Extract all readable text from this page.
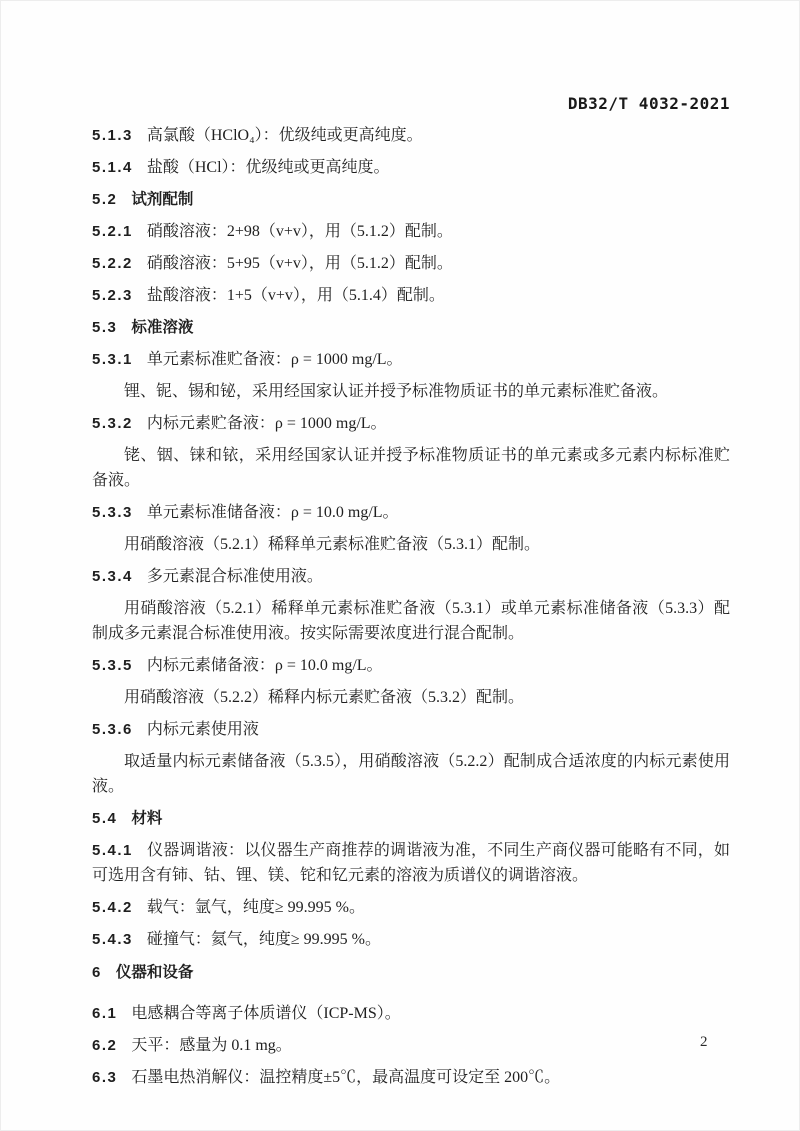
DB32/T 4032-2021

5.1.3 高氯酸（HClO₄）：优级纯或更高纯度。

5.1.4 盐酸（HCl）：优级纯或更高纯度。

5.2 试剂配制

5.2.1 硝酸溶液：2+98（v+v），用（5.1.2）配制。

5.2.2 硝酸溶液：5+95（v+v），用（5.1.2）配制。

5.2.3 盐酸溶液：1+5（v+v），用（5.1.4）配制。

5.3 标准溶液

5.3.1 单元素标准贮备液：ρ = 1000 mg/L。

锂、铌、锡和铋，采用经国家认证并授予标准物质证书的单元素标准贮备液。

5.3.2 内标元素贮备液：ρ = 1000 mg/L。

铑、铟、铼和铱，采用经国家认证并授予标准物质证书的单元素或多元素内标标准贮备液。

5.3.3 单元素标准储备液：ρ = 10.0 mg/L。

用硝酸溶液（5.2.1）稀释单元素标准贮备液（5.3.1）配制。

5.3.4 多元素混合标准使用液。

用硝酸溶液（5.2.1）稀释单元素标准贮备液（5.3.1）或单元素标准储备液（5.3.3）配制成多元素混合标准使用液。按实际需要浓度进行混合配制。

5.3.5 内标元素储备液：ρ = 10.0 mg/L。

用硝酸溶液（5.2.2）稀释内标元素贮备液（5.3.2）配制。

5.3.6 内标元素使用液

取适量内标元素储备液（5.3.5），用硝酸溶液（5.2.2）配制成合适浓度的内标元素使用液。

5.4 材料

5.4.1 仪器调谐液：以仪器生产商推荐的调谐液为准，不同生产商仪器可能略有不同，如可选用含有铈、钴、锂、镁、铊和钇元素的溶液为质谱仪的调谐溶液。

5.4.2 载气：氩气，纯度≥ 99.995 %。

5.4.3 碰撞气：氦气，纯度≥ 99.995 %。

6 仪器和设备

6.1 电感耦合等离子体质谱仪（ICP-MS）。

6.2 天平：感量为 0.1 mg。

6.3 石墨电热消解仪：温控精度±5℃，最高温度可设定至 200℃。

2
